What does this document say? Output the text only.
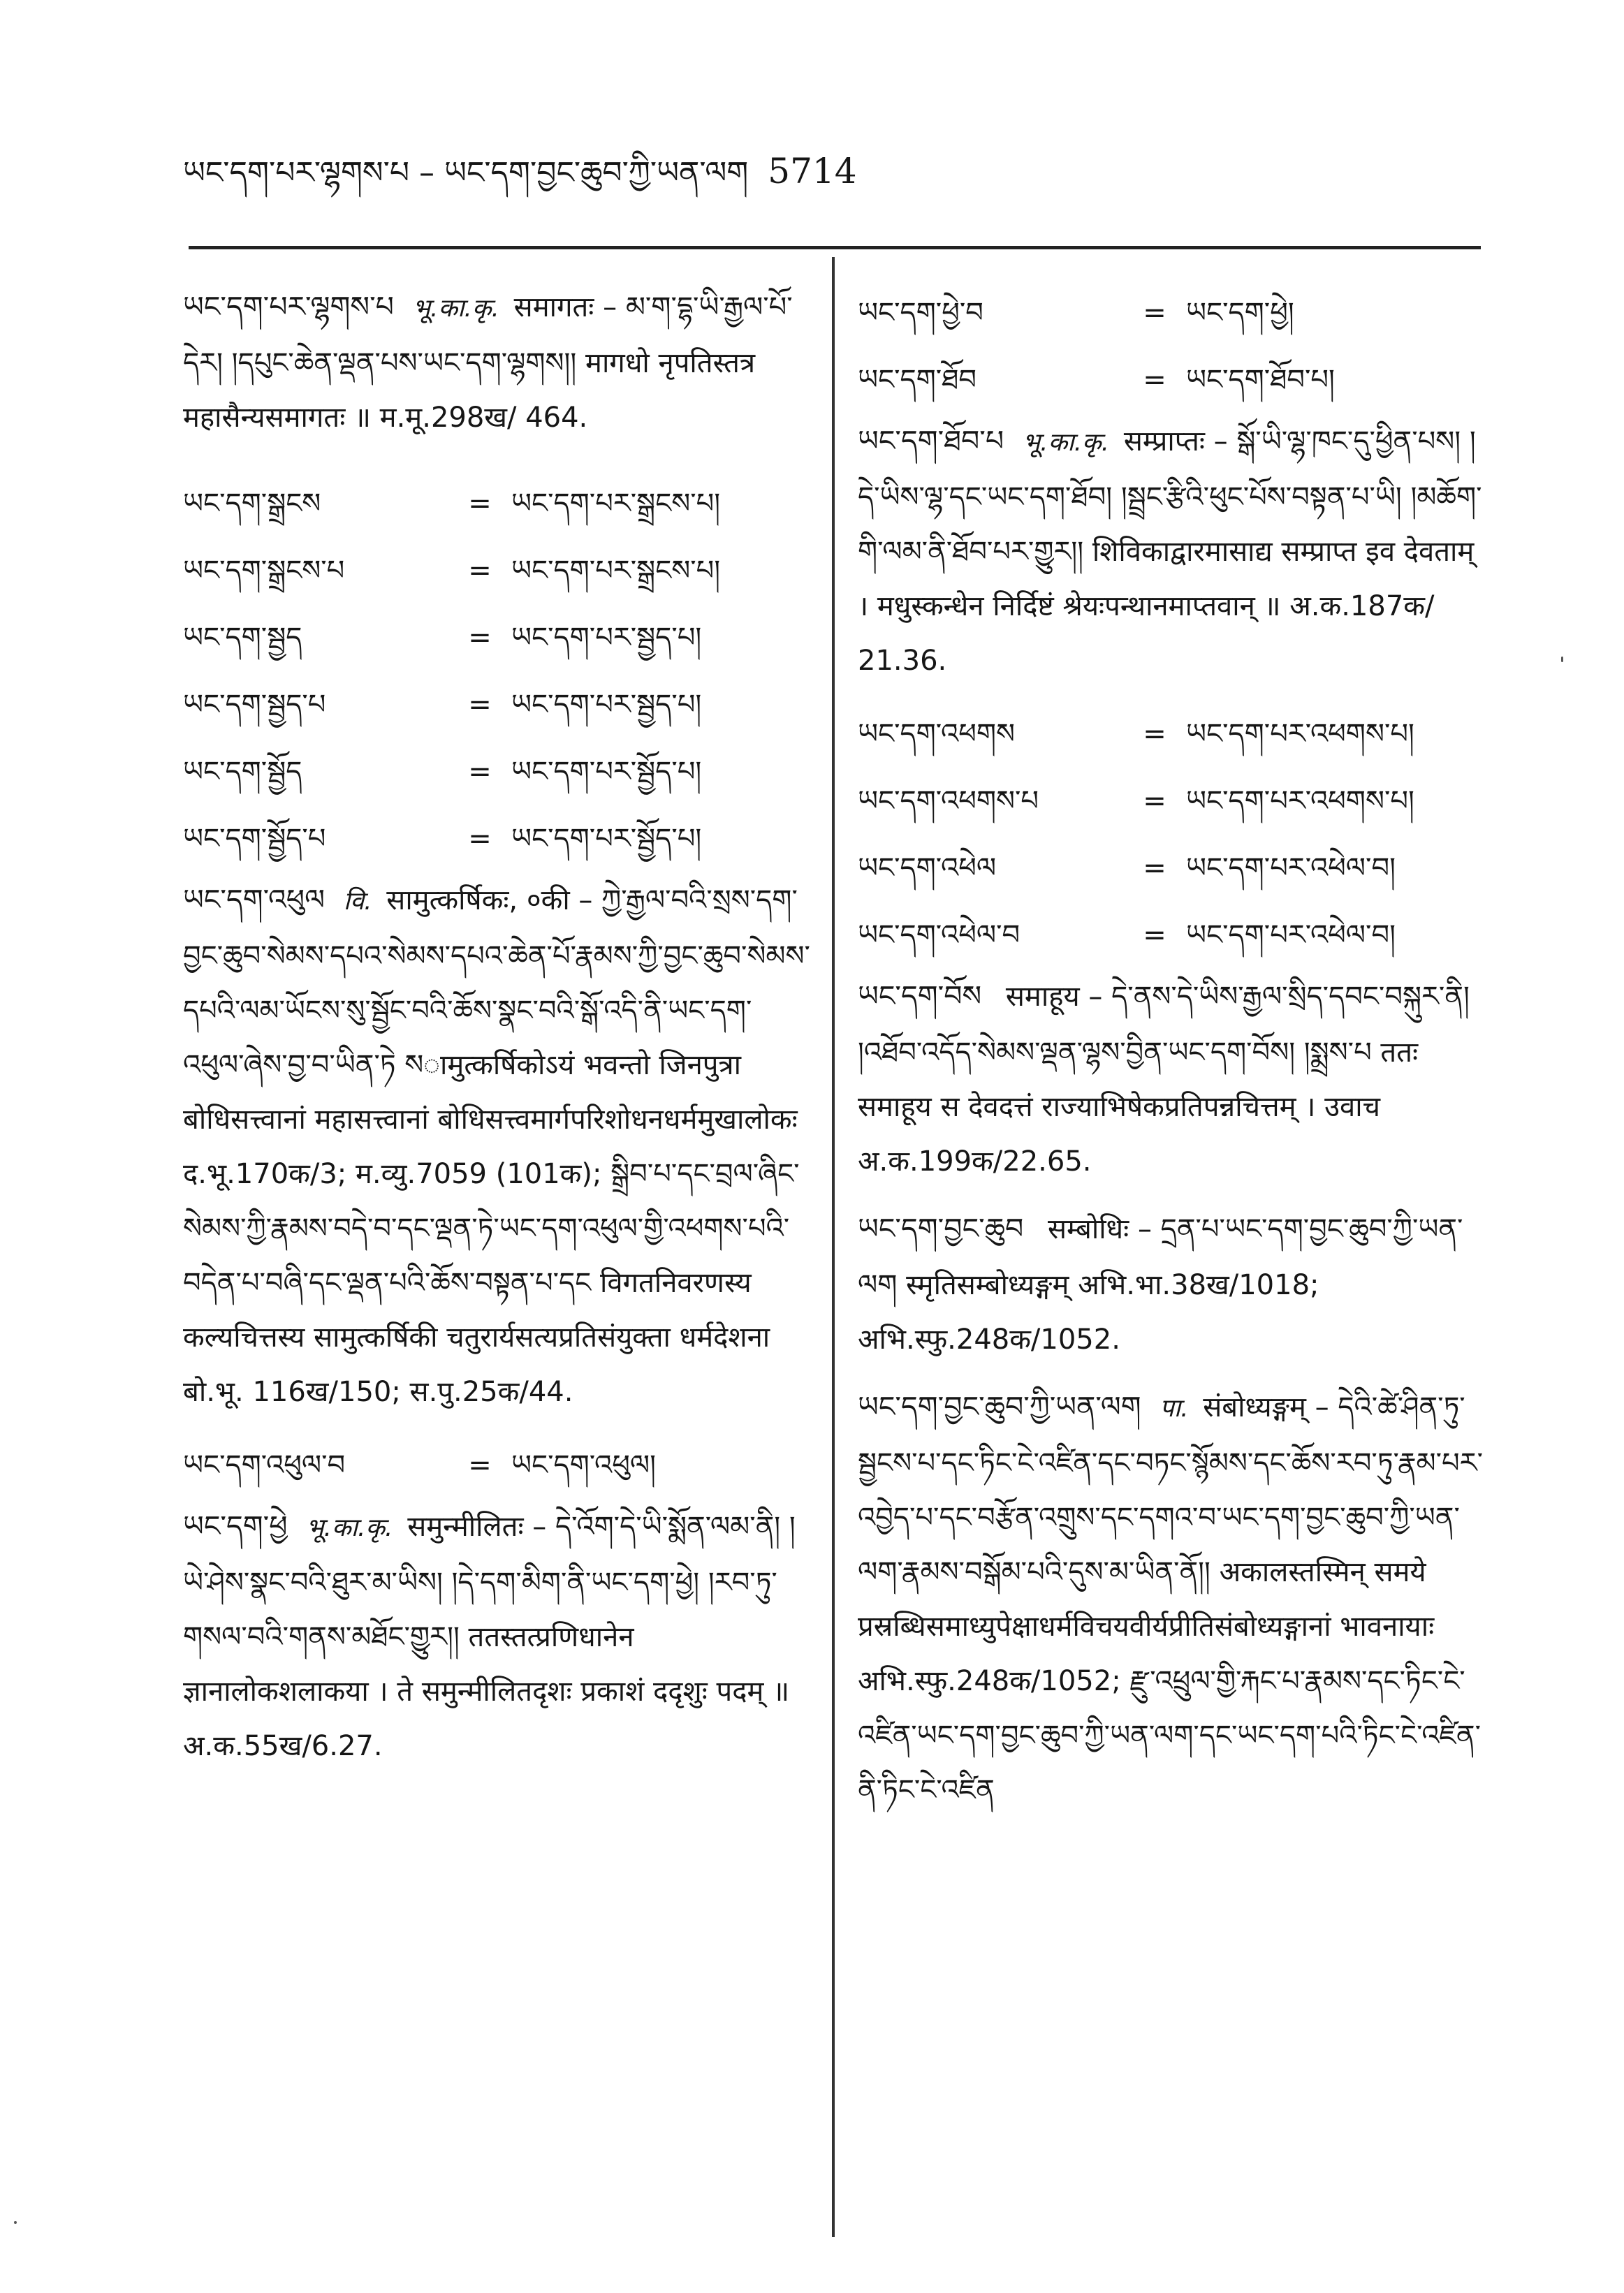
ཡང་དག་པར་ལྷགས་པ – ཡང་དག་བྱང་ཆུབ་ཀྱི་ཡན་ལག 5714
ཡང་དག་པར་ལྷགས་པ भू.का.कृ. समागतः – མ་ག་དྷ་ཡི་རྒྱལ་པོ་དེར། །དཔུང་ཆེན་ལྡན་པས་ཡང་དག་ལྷགས།། मागधो नृपतिस्तत्र महासैन्यसमागतः ॥ म.मू.298ख/ 464.
ཡང་དག་སྒྲངས	= ཡང་དག་པར་སྒྲངས་པ།
ཡང་དག་སྒྲངས་པ	= ཡང་དག་པར་སྒྲངས་པ།
ཡང་དག་སྦྱད	= ཡང་དག་པར་སྦྱད་པ།
ཡང་དག་སྦྱད་པ	= ཡང་དག་པར་སྦྱད་པ།
ཡང་དག་སྦྱོད	= ཡང་དག་པར་སྦྱོད་པ།
ཡང་དག་སྦྱོད་པ	= ཡང་དག་པར་སྦྱོད་པ།
ཡང་དག་འཕུལ वि. सामुत्कर्षिकः, ०की – ཀྱེ་རྒྱལ་བའི་སྲས་དག་བྱང་ཆུབ་སེམས་དཔའ་སེམས་དཔའ་ཆེན་པོ་རྣམས་ཀྱི་བྱང་ཆུབ་སེམས་དཔའི་ལམ་ཡོངས་སུ་སྦྱོང་བའི་ཆོས་སྣང་བའི་སྒོ་འདི་ནི་ཡང་དག་འཕུལ་ཞེས་བྱ་བ་ཡིན་ཏེ སामुत्कर्षिकोऽयं भवन्तो जिनपुत्रा बोधिसत्त्वानां महासत्त्वानां बोधिसत्त्वमार्गपरिशोधनधर्ममुखालोकः द.भू.170क/3; म.व्यु.7059 (101क); སྒྲིབ་པ་དང་བྲལ་ཞིང་སེམས་ཀྱི་རྣམས་བདེ་བ་དང་ལྡན་ཏེ་ཡང་དག་འཕུལ་གྱི་འཕགས་པའི་བདེན་པ་བཞི་དང་ལྡན་པའི་ཆོས་བསྟན་པ་དང विगतनिवरणस्य कल्यचित्तस्य सामुत्कर्षिकी चतुरार्यसत्यप्रतिसंयुक्ता धर्मदेशना बो.भू. 116ख/150; स.पु.25क/44.
ཡང་དག་འཕུལ་བ	= ཡང་དག་འཕུལ།
ཡང་དག་ཕྱེ भू.का.कृ. समुन्मीलितः – དེ་འོག་དེ་ཡི་སྨོན་ལམ་ནི། །ཡེ་ཤེས་སྣང་བའི་ཐུར་མ་ཡིས། །དེ་དག་མིག་ནི་ཡང་དག་ཕྱེ། །རབ་ཏུ་གསལ་བའི་གནས་མཐོང་གྱུར།། ततस्तत्प्रणिधानेन ज्ञानालोकशलाकया । ते समुन्मीलितदृशः प्रकाशं ददृशुः पदम् ॥ अ.क.55ख/6.27.
ཡང་དག་ཕྱེ་བ	= ཡང་དག་ཕྱེ།
ཡང་དག་ཐོབ	= ཡང་དག་ཐོབ་པ།
ཡང་དག་ཐོབ་པ भू.का.कृ. सम्प्राप्तः – སྒོ་ཡི་ལྷ་ཁང་དུ་ཕྱིན་པས། །དེ་ཡིས་ལྷ་དང་ཡང་དག་ཐོབ། །སྦྲང་རྩིའི་ཕུང་པོས་བསྟན་པ་ཡི། །མཆོག་གི་ལམ་ནི་ཐོབ་པར་གྱུར།། शिविकाद्वारमासाद्य सम्प्राप्त इव देवताम् । मधुस्कन्धेन निर्दिष्टं श्रेयःपन्थानमाप्तवान् ॥ अ.क.187क/ 21.36.
ཡང་དག་འཕགས	= ཡང་དག་པར་འཕགས་པ།
ཡང་དག་འཕགས་པ	= ཡང་དག་པར་འཕགས་པ།
ཡང་དག་འཕེལ	= ཡང་དག་པར་འཕེལ་བ།
ཡང་དག་འཕེལ་བ	= ཡང་དག་པར་འཕེལ་བ།
ཡང་དག་བོས समाहूय – དེ་ནས་དེ་ཡིས་རྒྱལ་སྲིད་དབང་བསྐུར་ནི། །འཐོབ་འདོད་སེམས་ལྡན་ལྷས་བྱིན་ཡང་དག་བོས། །སྨྲས་པ ततः समाहूय स देवदत्तं राज्याभिषेकप्रतिपन्नचित्तम् । उवाच अ.क.199क/22.65.
ཡང་དག་བྱང་ཆུབ सम्बोधिः – དྲན་པ་ཡང་དག་བྱང་ཆུབ་ཀྱི་ཡན་ལག स्मृतिसम्बोध्यङ्गम् अभि.भा.38ख/1018; अभि.स्फु.248क/1052.
ཡང་དག་བྱང་ཆུབ་ཀྱི་ཡན་ལག पा. संबोध्यङ्गम् – དེའི་ཚེ་ཤིན་ཏུ་སྦྱངས་པ་དང་ཏིང་ངེ་འཛིན་དང་བཏང་སྙོམས་དང་ཆོས་རབ་ཏུ་རྣམ་པར་འབྱེད་པ་དང་བརྩོན་འགྲུས་དང་དགའ་བ་ཡང་དག་བྱང་ཆུབ་ཀྱི་ཡན་ལག་རྣམས་བསྒོམ་པའི་དུས་མ་ཡིན་ནོ།། अकालस्तस्मिन् समये प्रस्रब्धिसमाध्युपेक्षाधर्मविचयवीर्यप्रीतिसंबोध्यङ्गानां भावनायाः अभि.स्फु.248क/1052; རྫུ་འཕྲུལ་གྱི་རྐང་པ་རྣམས་དང་ཏིང་ངེ་འཛིན་ཡང་དག་བྱང་ཆུབ་ཀྱི་ཡན་ལག་དང་ཡང་དག་པའི་ཏིང་ངེ་འཛིན་ནི་ཏིང་ངེ་འཛིན
